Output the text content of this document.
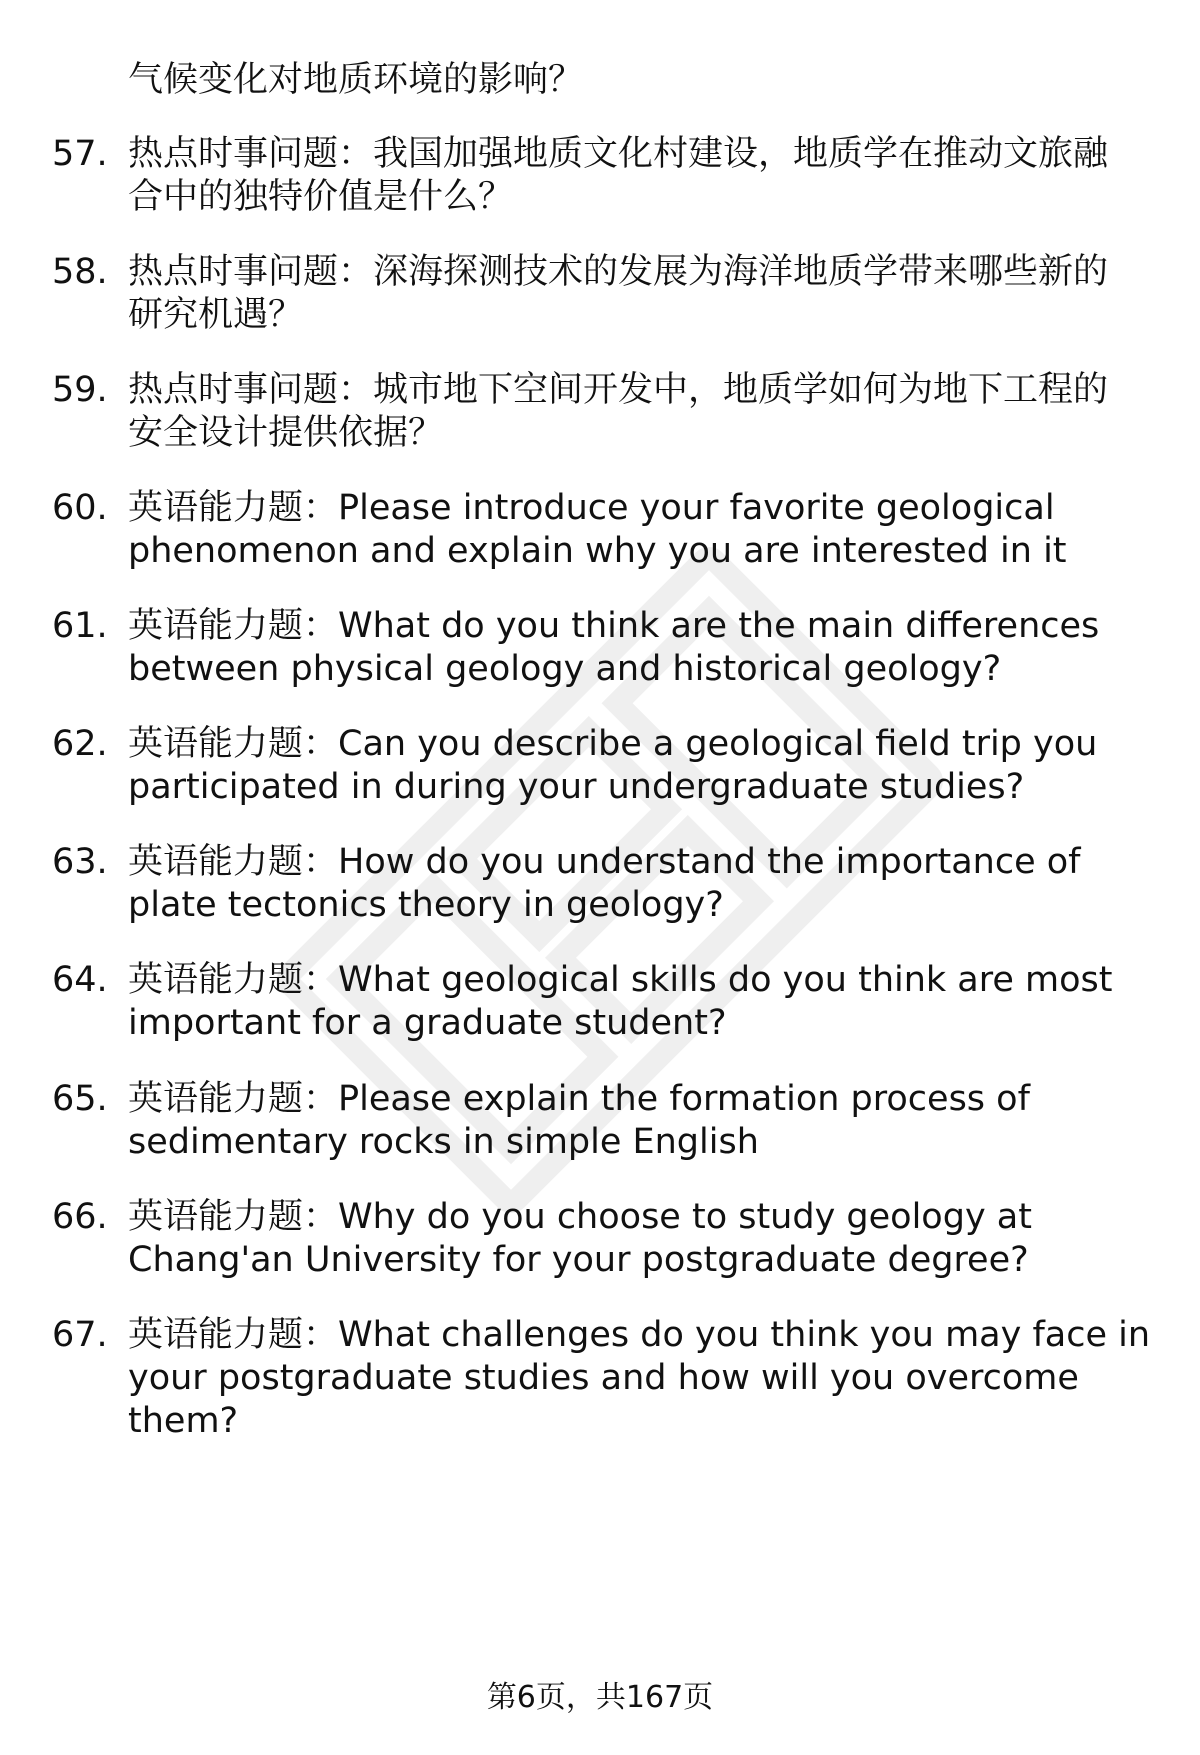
气候变化对地质环境的影响？
57. 热点时事问题：我国加强地质文化村建设，地质学在推动文旅融
合中的独特价值是什么？
58. 热点时事问题：深海探测技术的发展为海洋地质学带来哪些新的
研究机遇？
59. 热点时事问题：城市地下空间开发中，地质学如何为地下工程的
安全设计提供依据？
60. 英语能力题：Please introduce your favorite geological
phenomenon and explain why you are interested in it
61. 英语能力题：What do you think are the main differences
between physical geology and historical geology?
62. 英语能力题：Can you describe a geological field trip you
participated in during your undergraduate studies?
63. 英语能力题：How do you understand the importance of
plate tectonics theory in geology?
64. 英语能力题：What geological skills do you think are most
important for a graduate student?
65. 英语能力题：Please explain the formation process of
sedimentary rocks in simple English
66. 英语能力题：Why do you choose to study geology at
Chang'an University for your postgraduate degree?
67. 英语能力题：What challenges do you think you may face in
your postgraduate studies and how will you overcome
them?
第6页，共167页
